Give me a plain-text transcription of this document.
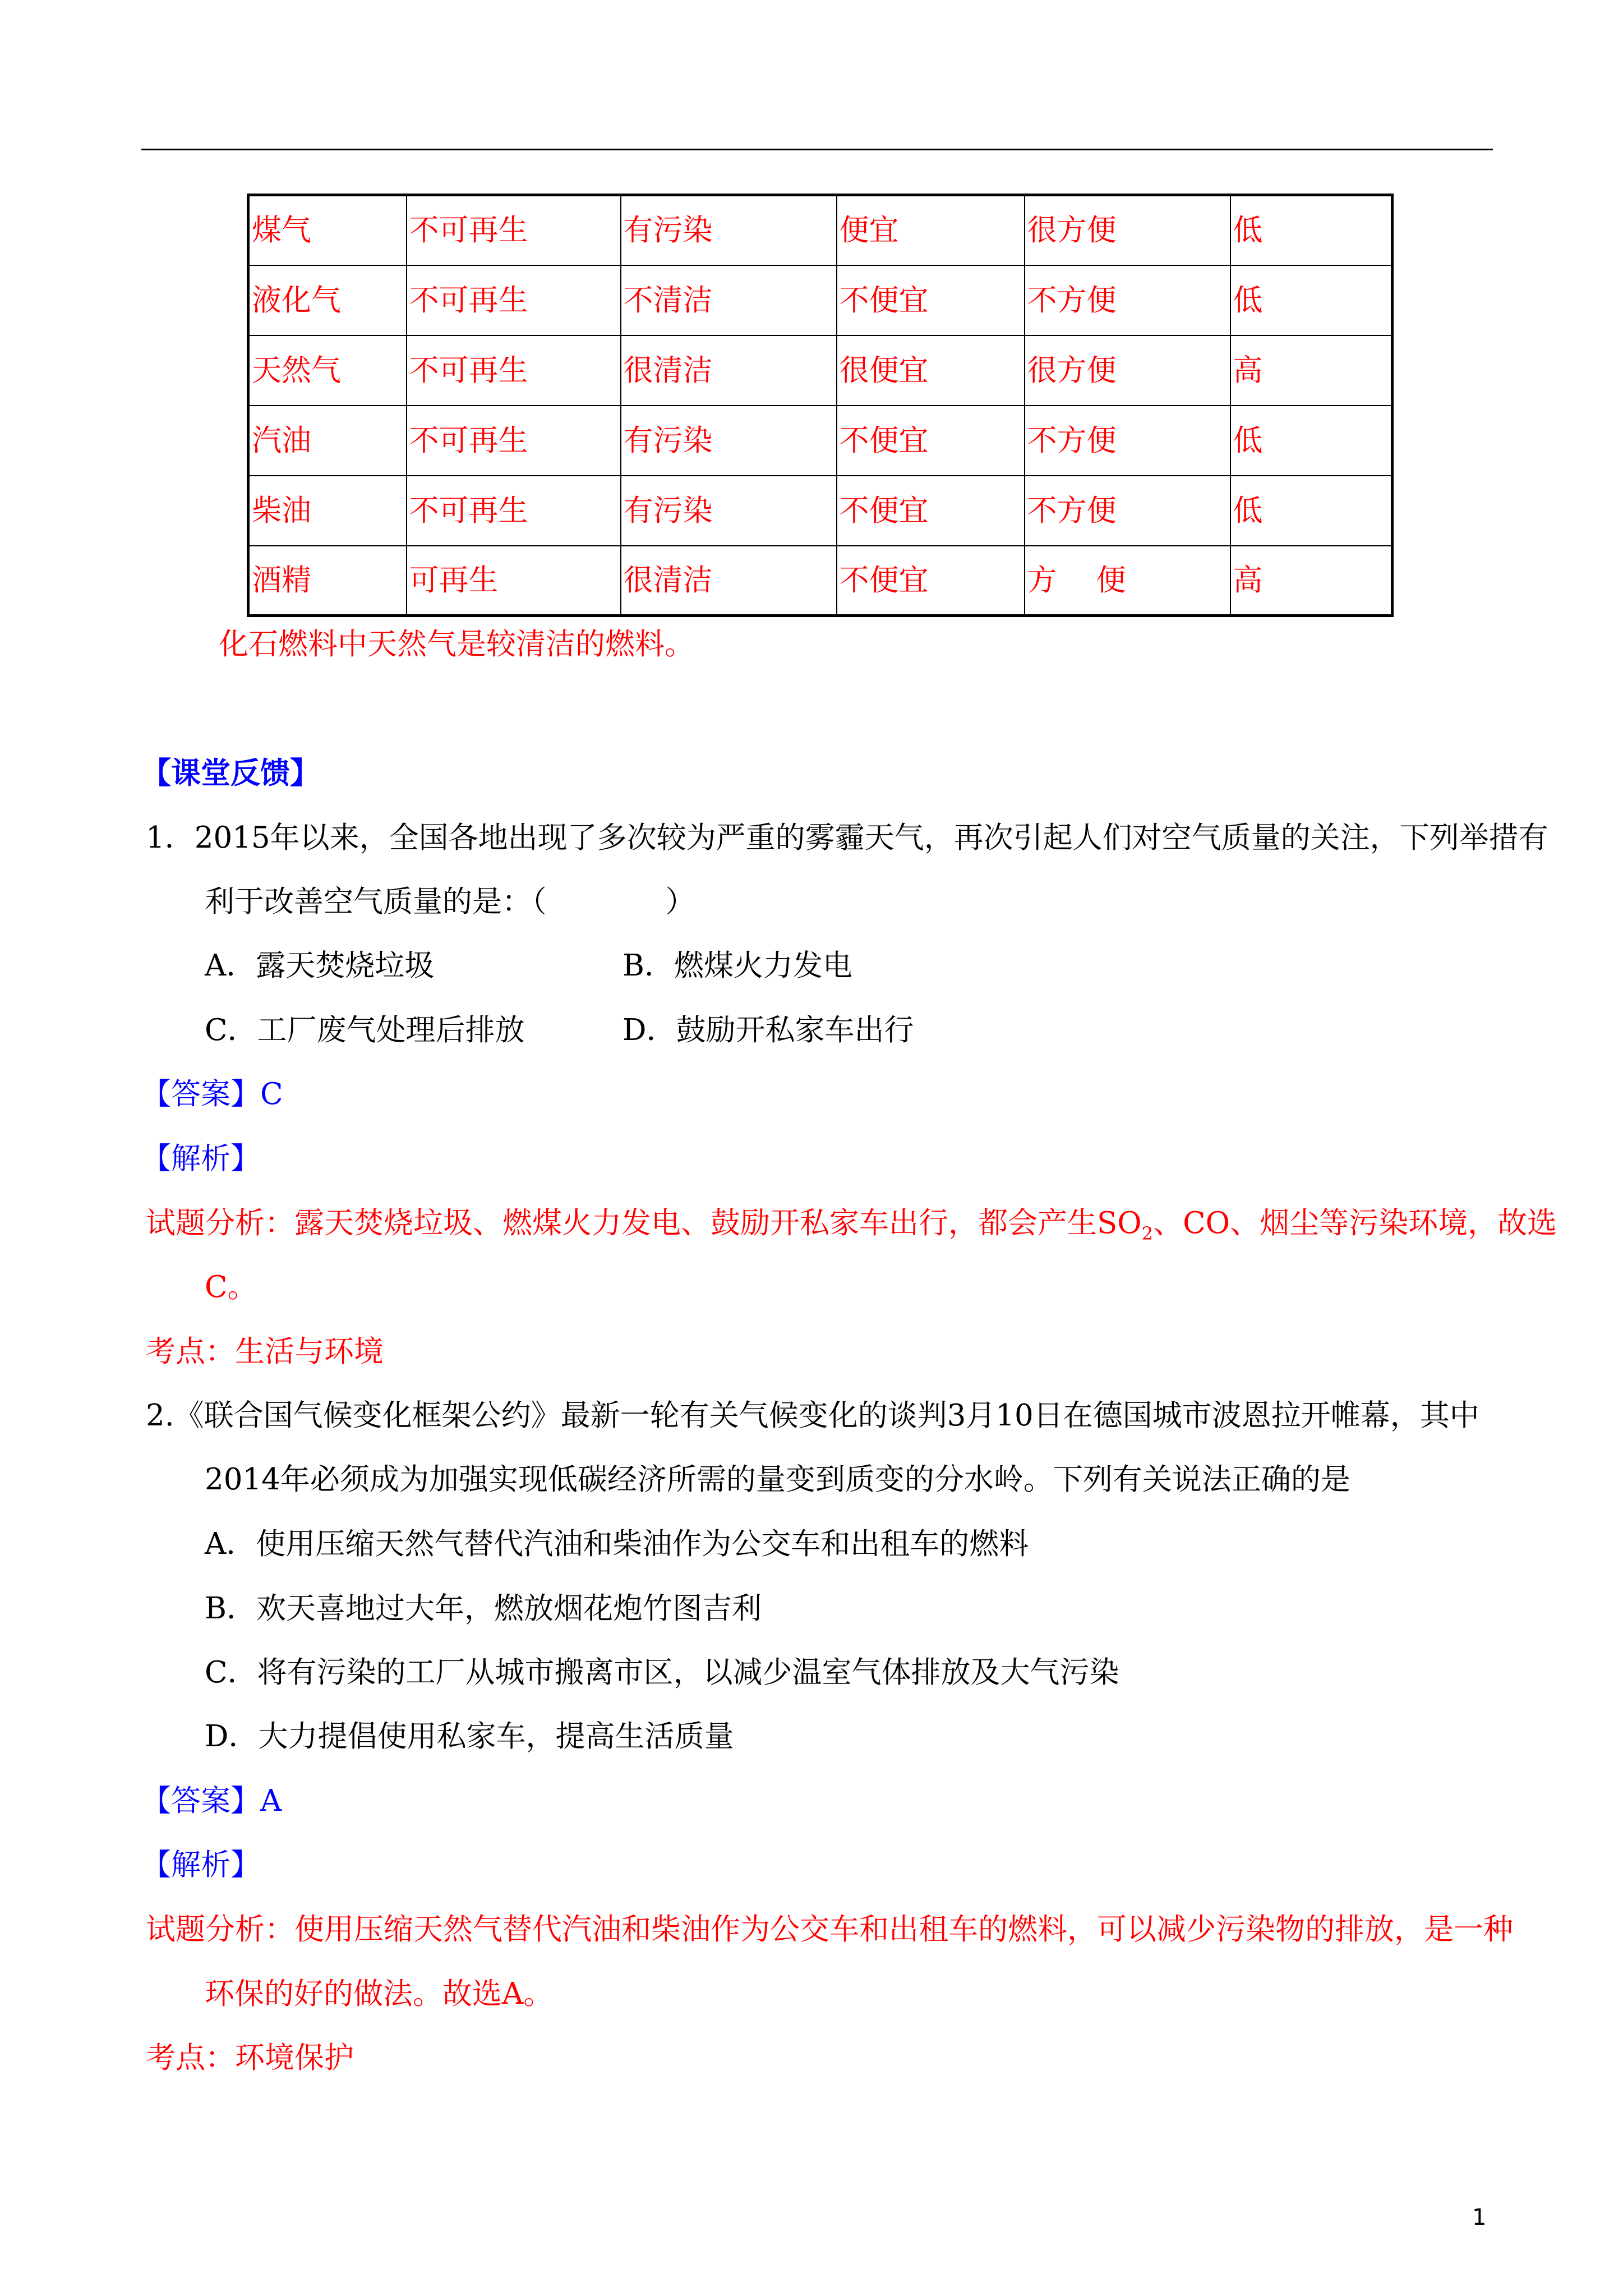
煤气	不可再生	有污染	便宜	很方便	低
液化气	不可再生	不清洁	不便宜	不方便	低
天然气	不可再生	很清洁	很便宜	很方便	高
汽油	不可再生	有污染	不便宜	不方便	低
柴油	不可再生	有污染	不便宜	不方便	低
酒精	可再生	很清洁	不便宜	方　 便	高
化石燃料中天然气是较清洁的燃料。
【课堂反馈】
1．2015年以来，全国各地出现了多次较为严重的雾霾天气，再次引起人们对空气质量的关注，下列举措有
利于改善空气质量的是：（　　　　）
A．露天焚烧垃圾	B．燃煤火力发电
C．工厂废气处理后排放	D．鼓励开私家车出行
【答案】C
【解析】
试题分析：露天焚烧垃圾、燃煤火力发电、鼓励开私家车出行，都会产生$SO_2$、CO、烟尘等污染环境，故选
C。
考点：生活与环境
2.《联合国气候变化框架公约》最新一轮有关气候变化的谈判3月10日在德国城市波恩拉开帷幕，其中
2014年必须成为加强实现低碳经济所需的量变到质变的分水岭。下列有关说法正确的是
A．使用压缩天然气替代汽油和柴油作为公交车和出租车的燃料
B．欢天喜地过大年，燃放烟花炮竹图吉利
C．将有污染的工厂从城市搬离市区，以减少温室气体排放及大气污染
D．大力提倡使用私家车，提高生活质量
【答案】A
【解析】
试题分析：使用压缩天然气替代汽油和柴油作为公交车和出租车的燃料，可以减少污染物的排放，是一种
环保的好的做法。故选A。
考点：环境保护
1
